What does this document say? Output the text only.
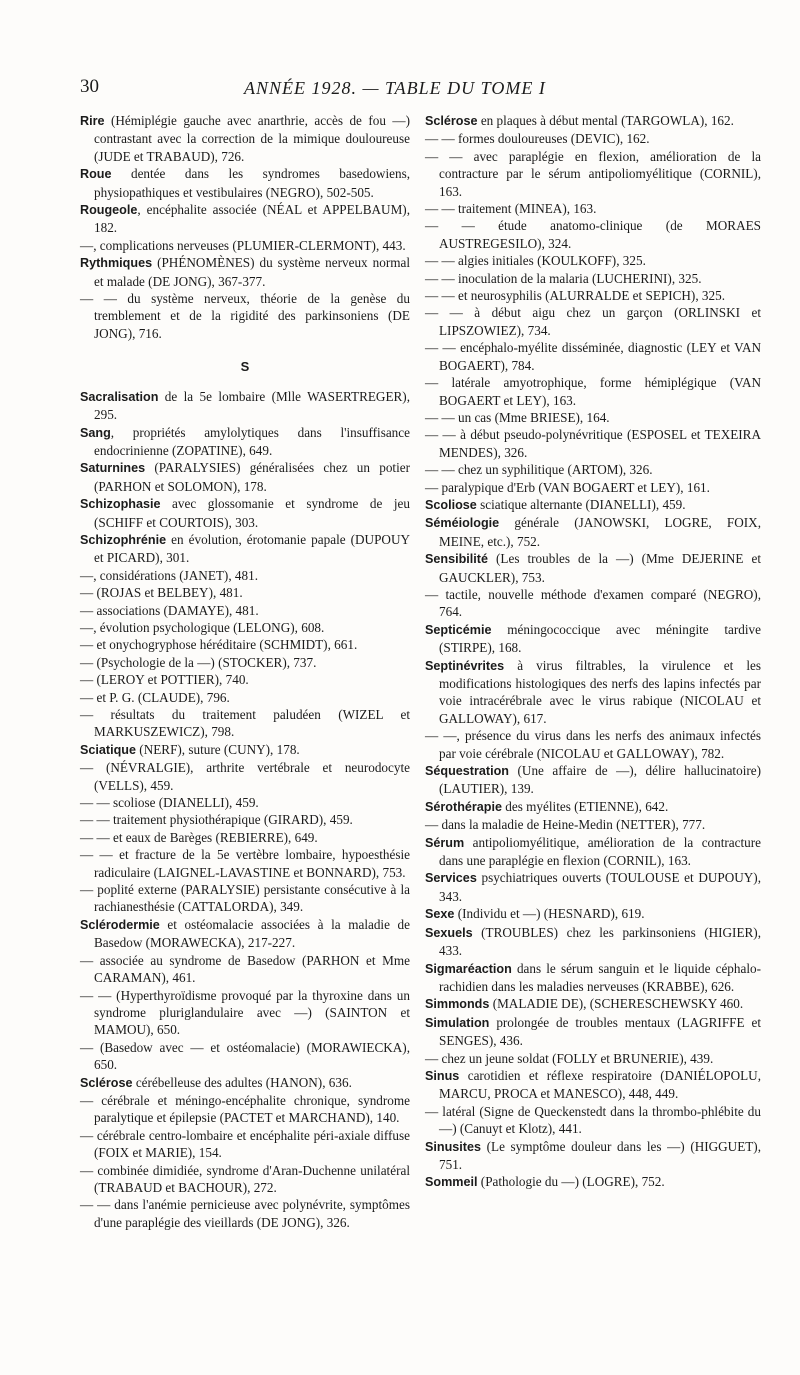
30	ANNÉE 1928. — TABLE DU TOME I

Rire (Hémiplégie gauche avec anarthrie, accès de fou —) contrastant avec la correction de la mimique douloureuse (JUDE et TRABAUD), 726.

Roue dentée dans les syndromes basedowiens, physiopathiques et vestibulaires (NEGRO), 502-505.

Rougeole, encéphalite associée (NÉAL et APPELBAUM), 182.

—, complications nerveuses (PLUMIER-CLERMONT), 443.

Rythmiques (PHÉNOMÈNES) du système nerveux normal et malade (DE JONG), 367-377.

— — du système nerveux, théorie de la genèse du tremblement et de la rigidité des parkinsoniens (DE JONG), 716.

S

Sacralisation de la 5e lombaire (Mlle WASERTREGER), 295.

Sang, propriétés amylolytiques dans l'insuffisance endocrinienne (ZOPATINE), 649.

Saturnines (PARALYSIES) généralisées chez un potier (PARHON et SOLOMON), 178.

Schizophasie avec glossomanie et syndrome de jeu (SCHIFF et COURTOIS), 303.

Schizophrénie en évolution, érotomanie papale (DUPOUY et PICARD), 301.

—, considérations (JANET), 481.

— (ROJAS et BELBEY), 481.

— associations (DAMAYE), 481.

—, évolution psychologique (LELONG), 608.

— et onychogryphose héréditaire (SCHMIDT), 661.

— (Psychologie de la —) (STOCKER), 737.

— (LEROY et POTTIER), 740.

— et P. G. (CLAUDE), 796.

— résultats du traitement paludéen (WIZEL et MARKUSZEWICZ), 798.

Sciatique (NERF), suture (CUNY), 178.

— (NÉVRALGIE), arthrite vertébrale et neurodocyte (VELLS), 459.

— — scoliose (DIANELLI), 459.

— — traitement physiothérapique (GIRARD), 459.

— — et eaux de Barèges (REBIERRE), 649.

— — et fracture de la 5e vertèbre lombaire, hypoesthésie radiculaire (LAIGNEL-LAVASTINE et BONNARD), 753.

— poplité externe (PARALYSIE) persistante consécutive à la rachianesthésie (CATTALORDA), 349.

Sclérodermie et ostéomalacie associées à la maladie de Basedow (MORAWECKA), 217-227.

— associée au syndrome de Basedow (PARHON et Mme CARAMAN), 461.

— — (Hyperthyroïdisme provoqué par la thyroxine dans un syndrome pluriglandulaire avec —) (SAINTON et MAMOU), 650.

— (Basedow avec — et ostéomalacie) (MORAWIECKA), 650.

Sclérose cérébelleuse des adultes (HANON), 636.

— cérébrale et méningo-encéphalite chronique, syndrome paralytique et épilepsie (PACTET et MARCHAND), 140.

— cérébrale centro-lombaire et encéphalite péri-axiale diffuse (FOIX et MARIE), 154.

— combinée dimidiée, syndrome d'Aran-Duchenne unilatéral (TRABAUD et BACHOUR), 272.

— — dans l'anémie pernicieuse avec polynévrite, symptômes d'une paraplégie des vieillards (DE JONG), 326.

Sclérose en plaques à début mental (TARGOWLA), 162.

— — formes douloureuses (DEVIC), 162.

— — avec paraplégie en flexion, amélioration de la contracture par le sérum antipoliomyélitique (CORNIL), 163.

— — traitement (MINEA), 163.

— — étude anatomo-clinique (de MORAES AUSTREGESILO), 324.

— — algies initiales (KOULKOFF), 325.

— — inoculation de la malaria (LUCHERINI), 325.

— — et neurosyphilis (ALURRALDE et SEPICH), 325.

— — à début aigu chez un garçon (ORLINSKI et LIPSZOWIEZ), 734.

— — encéphalo-myélite disséminée, diagnostic (LEY et VAN BOGAERT), 784.

— latérale amyotrophique, forme hémiplégique (VAN BOGAERT et LEY), 163.

— — un cas (Mme BRIESE), 164.

— — à début pseudo-polynévritique (ESPOSEL et TEXEIRA MENDES), 326.

— — chez un syphilitique (ARTOM), 326.

— paralypique d'Erb (VAN BOGAERT et LEY), 161.

Scoliose sciatique alternante (DIANELLI), 459.

Séméiologie générale (JANOWSKI, LOGRE, FOIX, MEINE, etc.), 752.

Sensibilité (Les troubles de la —) (Mme DEJERINE et GAUCKLER), 753.

— tactile, nouvelle méthode d'examen comparé (NEGRO), 764.

Septicémie méningococcique avec méningite tardive (STIRPE), 168.

Septinévrites à virus filtrables, la virulence et les modifications histologiques des nerfs des lapins infectés par voie intracérébrale avec le virus rabique (NICOLAU et GALLOWAY), 617.

— —, présence du virus dans les nerfs des animaux infectés par voie cérébrale (NICOLAU et GALLOWAY), 782.

Séquestration (Une affaire de —), délire hallucinatoire) (LAUTIER), 139.

Sérothérapie des myélites (ETIENNE), 642.

— dans la maladie de Heine-Medin (NETTER), 777.

Sérum antipoliomyélitique, amélioration de la contracture dans une paraplégie en flexion (CORNIL), 163.

Services psychiatriques ouverts (TOULOUSE et DUPOUY), 343.

Sexe (Individu et —) (HESNARD), 619.

Sexuels (TROUBLES) chez les parkinsoniens (HIGIER), 433.

Sigmaréaction dans le sérum sanguin et le liquide céphalo-rachidien dans les maladies nerveuses (KRABBE), 626.

Simmonds (MALADIE DE), (SCHERESCHEWSKY 460.

Simulation prolongée de troubles mentaux (LAGRIFFE et SENGES), 436.

— chez un jeune soldat (FOLLY et BRUNERIE), 439.

Sinus carotidien et réflexe respiratoire (DANIÉLOPOLU, MARCU, PROCA et MANESCO), 448, 449.

— latéral (Signe de Queckenstedt dans la thrombo-phlébite du —) (Canuyt et Klotz), 441.

Sinusites (Le symptôme douleur dans les —) (HIGGUET), 751.

Sommeil (Pathologie du —) (LOGRE), 752.
